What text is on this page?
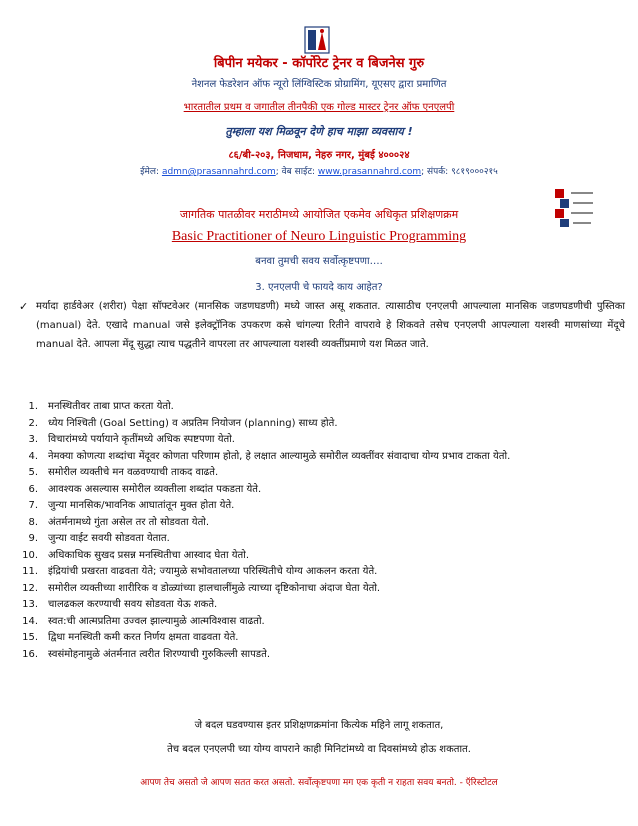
बिपीन मयेकर - कॉर्पोरेट ट्रेनर व बिजनेस गुरु
नेशनल फेडरेशन ऑफ न्यूरो लिंग्विस्टिक प्रोग्रामिंग, यूएसए द्वारा प्रमाणित
भारतातील प्रथम व जगातील तीनपैकी एक गोल्ड मास्टर ट्रेनर ऑफ एनएलपी
तुम्हाला यश मिळवून देणे हाच माझा व्यवसाय !
८६/बी-२०३, निजधाम, नेहरु नगर, मुंबई ४०००२४
ईमेल: admn@prasannahrd.com; वेब साईट: www.prasannahrd.com; संपर्क: ९८१९०००२१५
जागतिक पातळीवर मराठीमध्ये आयोजित एकमेव अधिकृत प्रशिक्षणक्रम
Basic Practitioner of Neuro Linguistic Programming
बनवा तुमची सवय सर्वोत्कृष्टपणा….
3. एनएलपी चे फायदे काय आहेत?
✓ मर्यादा हार्डवेअर (शरीरा) पेक्षा सॉफ्टवेअर (मानसिक जडणघडणी) मध्ये जास्त असू शकतात. त्यासाठीच एनएलपी आपल्याला मानसिक जडणघडणीची पुस्तिका (manual) देते. एखादे manual जसे इलेक्ट्रॉनिक उपकरण कसे चांगल्या रितीने वापरावे हे शिकवते तसेच एनएलपी आपल्याला यशस्वी माणसांच्या मेंदूचे manual देते. आपला मेंदू सुद्धा त्याच पद्धतीने वापरला तर आपल्याला यशस्वी व्यक्तींप्रमाणे यश मिळत जाते.
1. मनस्थितीवर ताबा प्राप्त करता येतो.
2. ध्येय निश्चिती (Goal Setting) व अप्रतिम नियोजन (planning) साध्य होते.
3. विचारांमध्ये पर्यायाने कृतींमध्ये अधिक स्पष्टपणा येतो.
4. नेमक्या कोणत्या शब्दांचा मेंदूवर कोणता परिणाम होतो, हे लक्षात आल्यामुळे समोरील व्यक्तींवर संवादाचा योग्य प्रभाव टाकता येतो.
5. समोरील व्यक्तीचे मन वळवण्याची ताकद वाढते.
6. आवश्यक असल्यास समोरील व्यक्तीला शब्दांत पकडता येते.
7. जुन्या मानसिक/भावनिक आघातांतून मुक्त होता येते.
8. अंतर्मनामध्ये गुंता असेल तर तो सोडवता येतो.
9. जुन्या वाईट सवयी सोडवता येतात.
10. अधिकाधिक सुखद प्रसन्न मनस्थितीचा आस्वाद घेता येतो.
11. इंद्रियांची प्रखरता वाढवता येते; ज्यामुळे सभोवतालच्या परिस्थितीचे योग्य आकलन करता येते.
12. समोरील व्यक्तीच्या शारीरिक व डोळ्यांच्या हालचालींमुळे त्याच्या दृष्टिकोनाचा अंदाज घेता येतो.
13. चालढकल करण्याची सवय सोडवता येऊ शकते.
14. स्वत:ची आत्मप्रतिमा उज्वल झाल्यामुळे आत्मविश्वास वाढतो.
15. द्विधा मनस्थिती कमी करत निर्णय क्षमता वाढवता येते.
16. स्वसंमोहनामुळे अंतर्मनात त्वरीत शिरण्याची गुरुकिल्ली सापडते.
जे बदल घडवण्यास इतर प्रशिक्षणक्रमांना कित्येक महिने लागू शकतात,
तेच बदल एनएलपी च्या योग्य वापराने काही मिनिटांमध्ये वा दिवसांमध्ये होऊ शकतात.
आपण तेच असतो जे आपण सतत करत असतो. सर्वोत्कृष्टपणा मग एक कृती न राहता सवय बनतो. - ऍरिस्टोटल
